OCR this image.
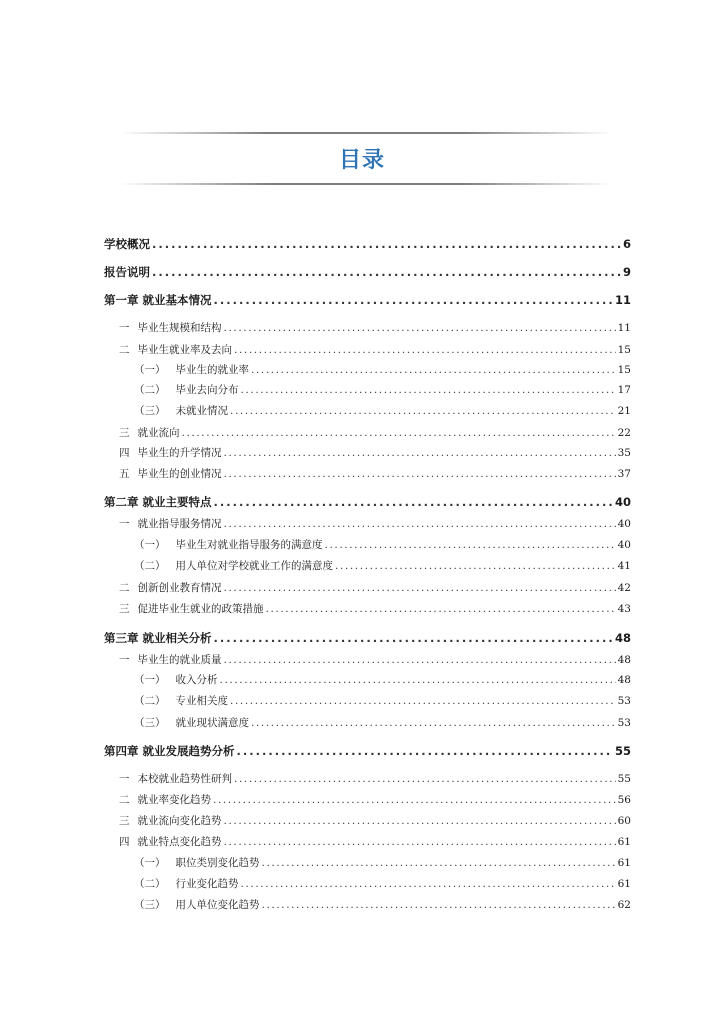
目录
学校概况 .....	6
报告说明 .....	9
第一章 就业基本情况 .....	11
一 毕业生规模和结构 .....	11
二 毕业生就业率及去向 .....	15
（一） 毕业生的就业率 .....	15
（二） 毕业去向分布 .....	17
（三） 未就业情况 .....	21
三 就业流向 .....	22
四 毕业生的升学情况 .....	35
五 毕业生的创业情况 .....	37
第二章 就业主要特点 .....	40
一 就业指导服务情况 .....	40
（一） 毕业生对就业指导服务的满意度 .....	40
（二） 用人单位对学校就业工作的满意度 .....	41
二 创新创业教育情况 .....	42
三 促进毕业生就业的政策措施 .....	43
第三章 就业相关分析 .....	48
一 毕业生的就业质量 .....	48
（一） 收入分析 .....	48
（二） 专业相关度 .....	53
（三） 就业现状满意度 .....	53
第四章 就业发展趋势分析 .....	55
一 本校就业趋势性研判 .....	55
二 就业率变化趋势 .....	56
三 就业流向变化趋势 .....	60
四 就业特点变化趋势 .....	61
（一） 职位类别变化趋势 .....	61
（二） 行业变化趋势 .....	61
（三） 用人单位变化趋势 .....	62
